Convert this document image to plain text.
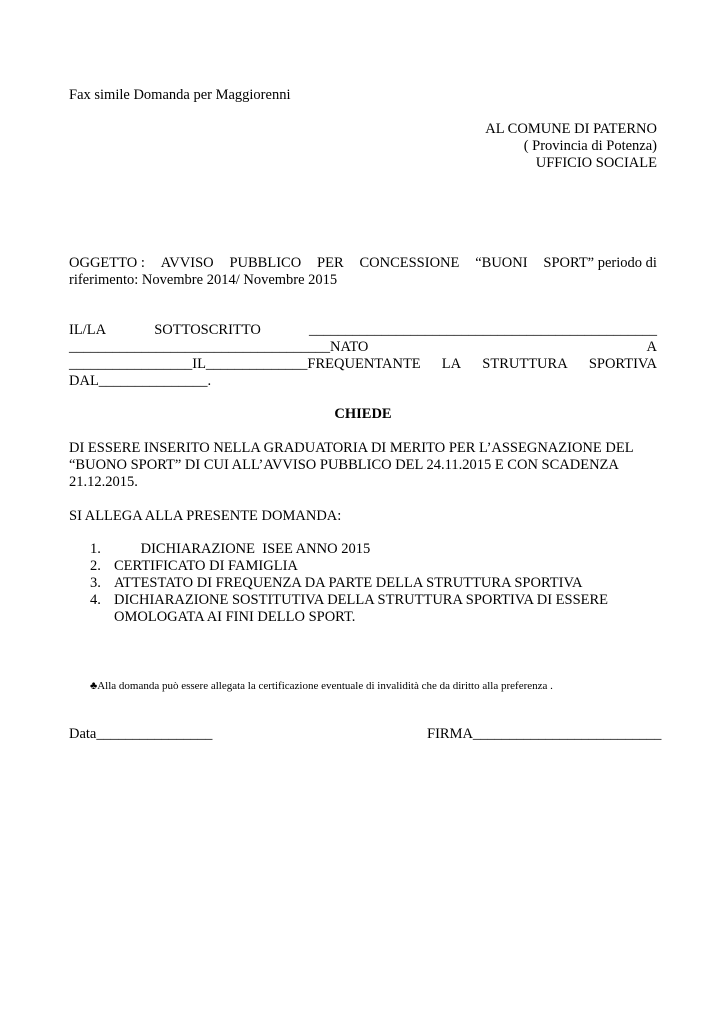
Fax simile Domanda per Maggiorenni
AL COMUNE DI PATERNO
( Provincia di Potenza)
UFFICIO SOCIALE
OGGETTO : AVVISO PUBBLICO PER CONCESSIONE “BUONI SPORT” periodo di
riferimento: Novembre 2014/ Novembre 2015
IL/LA	SOTTOSCRITTO	________________________________________________
____________________________________NATO	A
_________________IL______________FREQUENTANTE LA STRUTTURA SPORTIVA
DAL_______________.
CHIEDE
DI ESSERE INSERITO NELLA GRADUATORIA DI MERITO PER L’ASSEGNAZIONE DEL
“BUONO SPORT” DI CUI ALL’AVVISO PUBBLICO DEL 24.11.2015 E CON SCADENZA
21.12.2015.
SI ALLEGA ALLA PRESENTE DOMANDA:
1. DICHIARAZIONE  ISEE ANNO 2015
2. CERTIFICATO DI FAMIGLIA
3. ATTESTATO DI FREQUENZA DA PARTE DELLA STRUTTURA SPORTIVA
4. DICHIARAZIONE SOSTITUTIVA DELLA STRUTTURA SPORTIVA DI ESSERE
OMOLOGATA AI FINI DELLO SPORT.
♣Alla domanda può essere allegata la certificazione eventuale di invalidità che da diritto alla preferenza .
Data________________	FIRMA__________________________
